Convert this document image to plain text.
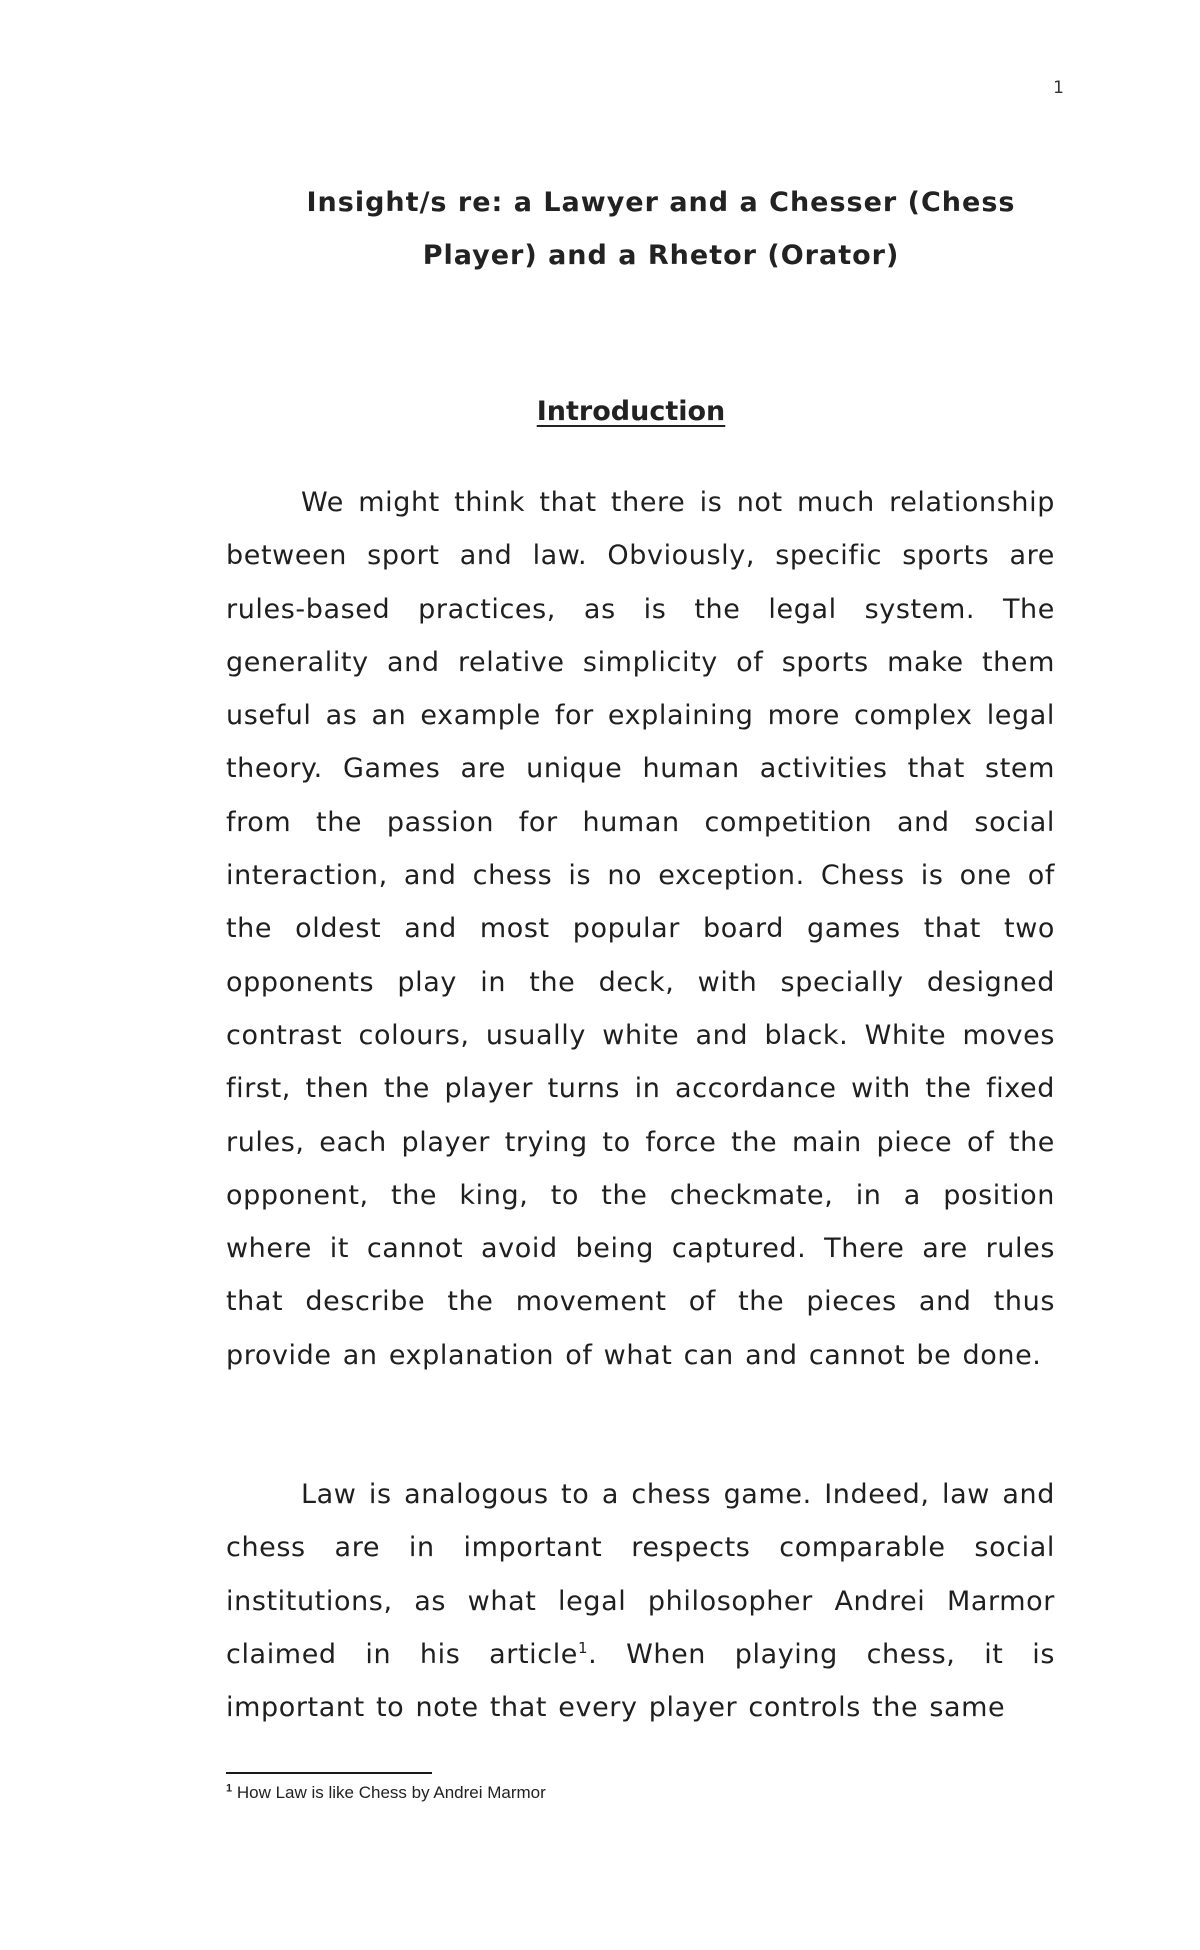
1
Insight/s re: a Lawyer and a Chesser (Chess
Player) and a Rhetor (Orator)
Introduction

We might think that there is not much relationship between sport and law. Obviously, specific sports are rules-based practices, as is the legal system. The generality and relative simplicity of sports make them useful as an example for explaining more complex legal theory. Games are unique human activities that stem from the passion for human competition and social interaction, and chess is no exception. Chess is one of the oldest and most popular board games that two opponents play in the deck, with specially designed contrast colours, usually white and black. White moves first, then the player turns in accordance with the fixed rules, each player trying to force the main piece of the opponent, the king, to the checkmate, in a position where it cannot avoid being captured. There are rules that describe the movement of the pieces and thus provide an explanation of what can and cannot be done.

Law is analogous to a chess game. Indeed, law and chess are in important respects comparable social institutions, as what legal philosopher Andrei Marmor claimed in his article$^1$. When playing chess, it is important to note that every player controls the same

$^1$ How Law is like Chess by Andrei Marmor
